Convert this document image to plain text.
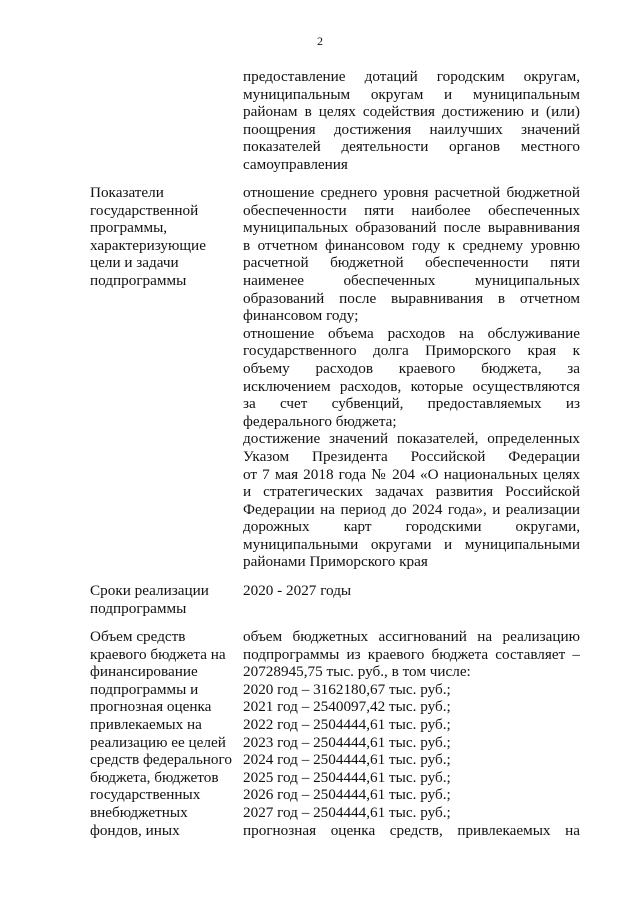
2
предоставление дотаций городским округам,
муниципальным округам и муниципальным
районам в целях содействия достижению и (или)
поощрения достижения наилучших значений
показателей деятельности органов местного
самоуправления
Показатели
государственной
программы,
характеризующие
цели и задачи
подпрограммы
отношение среднего уровня расчетной бюджетной
обеспеченности пяти наиболее обеспеченных
муниципальных образований после выравнивания
в отчетном финансовом году к среднему уровню
расчетной бюджетной обеспеченности пяти
наименее обеспеченных муниципальных
образований после выравнивания в отчетном
финансовом году;
отношение объема расходов на обслуживание
государственного долга Приморского края к
объему расходов краевого бюджета, за
исключением расходов, которые осуществляются
за счет субвенций, предоставляемых из
федерального бюджета;
достижение значений показателей, определенных
Указом Президента Российской Федерации
от 7 мая 2018 года № 204 «О национальных целях
и стратегических задачах развития Российской
Федерации на период до 2024 года», и реализации
дорожных карт городскими округами,
муниципальными округами и муниципальными
районами Приморского края
Сроки реализации
подпрограммы
2020 - 2027 годы
Объем средств
краевого бюджета на
финансирование
подпрограммы и
прогнозная оценка
привлекаемых на
реализацию ее целей
средств федерального
бюджета, бюджетов
государственных
внебюджетных
фондов, иных
объем бюджетных ассигнований на реализацию
подпрограммы из краевого бюджета составляет –
20728945,75 тыс. руб., в том числе:
2020 год – 3162180,67 тыс. руб.;
2021 год – 2540097,42 тыс. руб.;
2022 год – 2504444,61 тыс. руб.;
2023 год – 2504444,61 тыс. руб.;
2024 год – 2504444,61 тыс. руб.;
2025 год – 2504444,61 тыс. руб.;
2026 год – 2504444,61 тыс. руб.;
2027 год – 2504444,61 тыс. руб.;
прогнозная оценка средств, привлекаемых на
